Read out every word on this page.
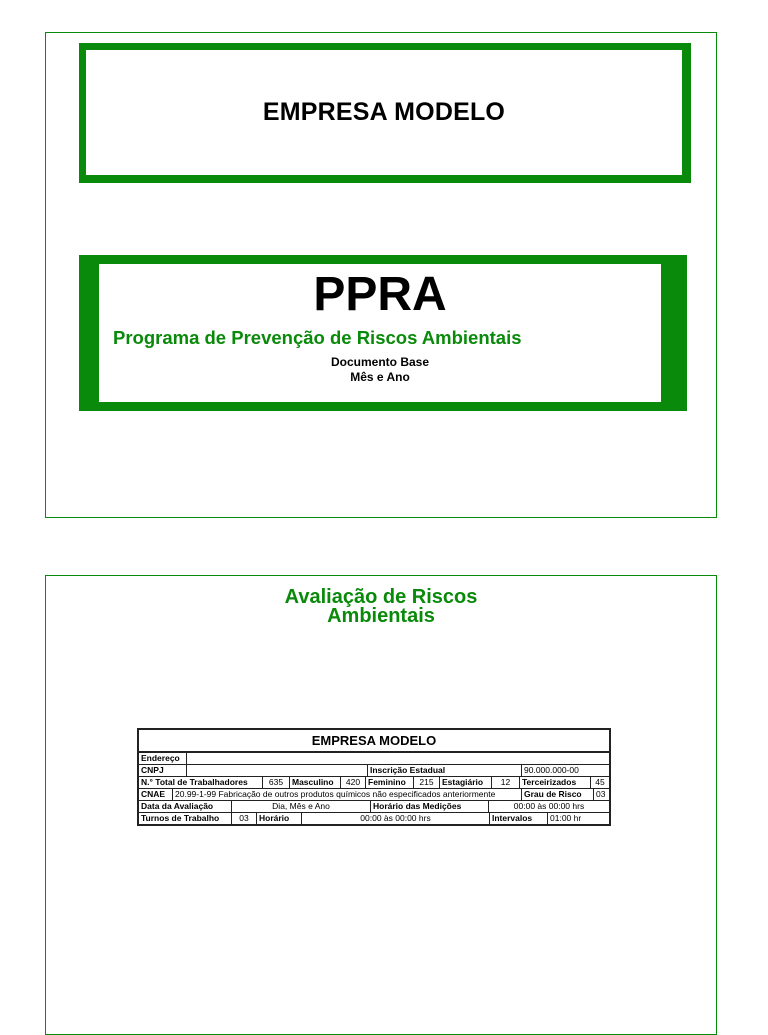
EMPRESA MODELO
PPRA
Programa de Prevenção de Riscos Ambientais
Documento Base
Mês e Ano
Avaliação de Riscos
Ambientais
EMPRESA MODELO
Endereço
CNPJ	Inscrição Estadual	90.000.000-00
N.° Total de Trabalhadores	635	Masculino	420 Feminino	215 Estagiário	12	Terceirizados	45
CNAE	20.99-1-99 Fabricação de outros produtos químicos não especificados anteriormente	Grau de Risco	03
Data da Avaliação	Dia, Mês e Ano	Horário das Medições	00:00 às 00:00 hrs
Turnos de Trabalho	03	Horário	00:00 às 00:00 hrs	Intervalos	01:00 hr
